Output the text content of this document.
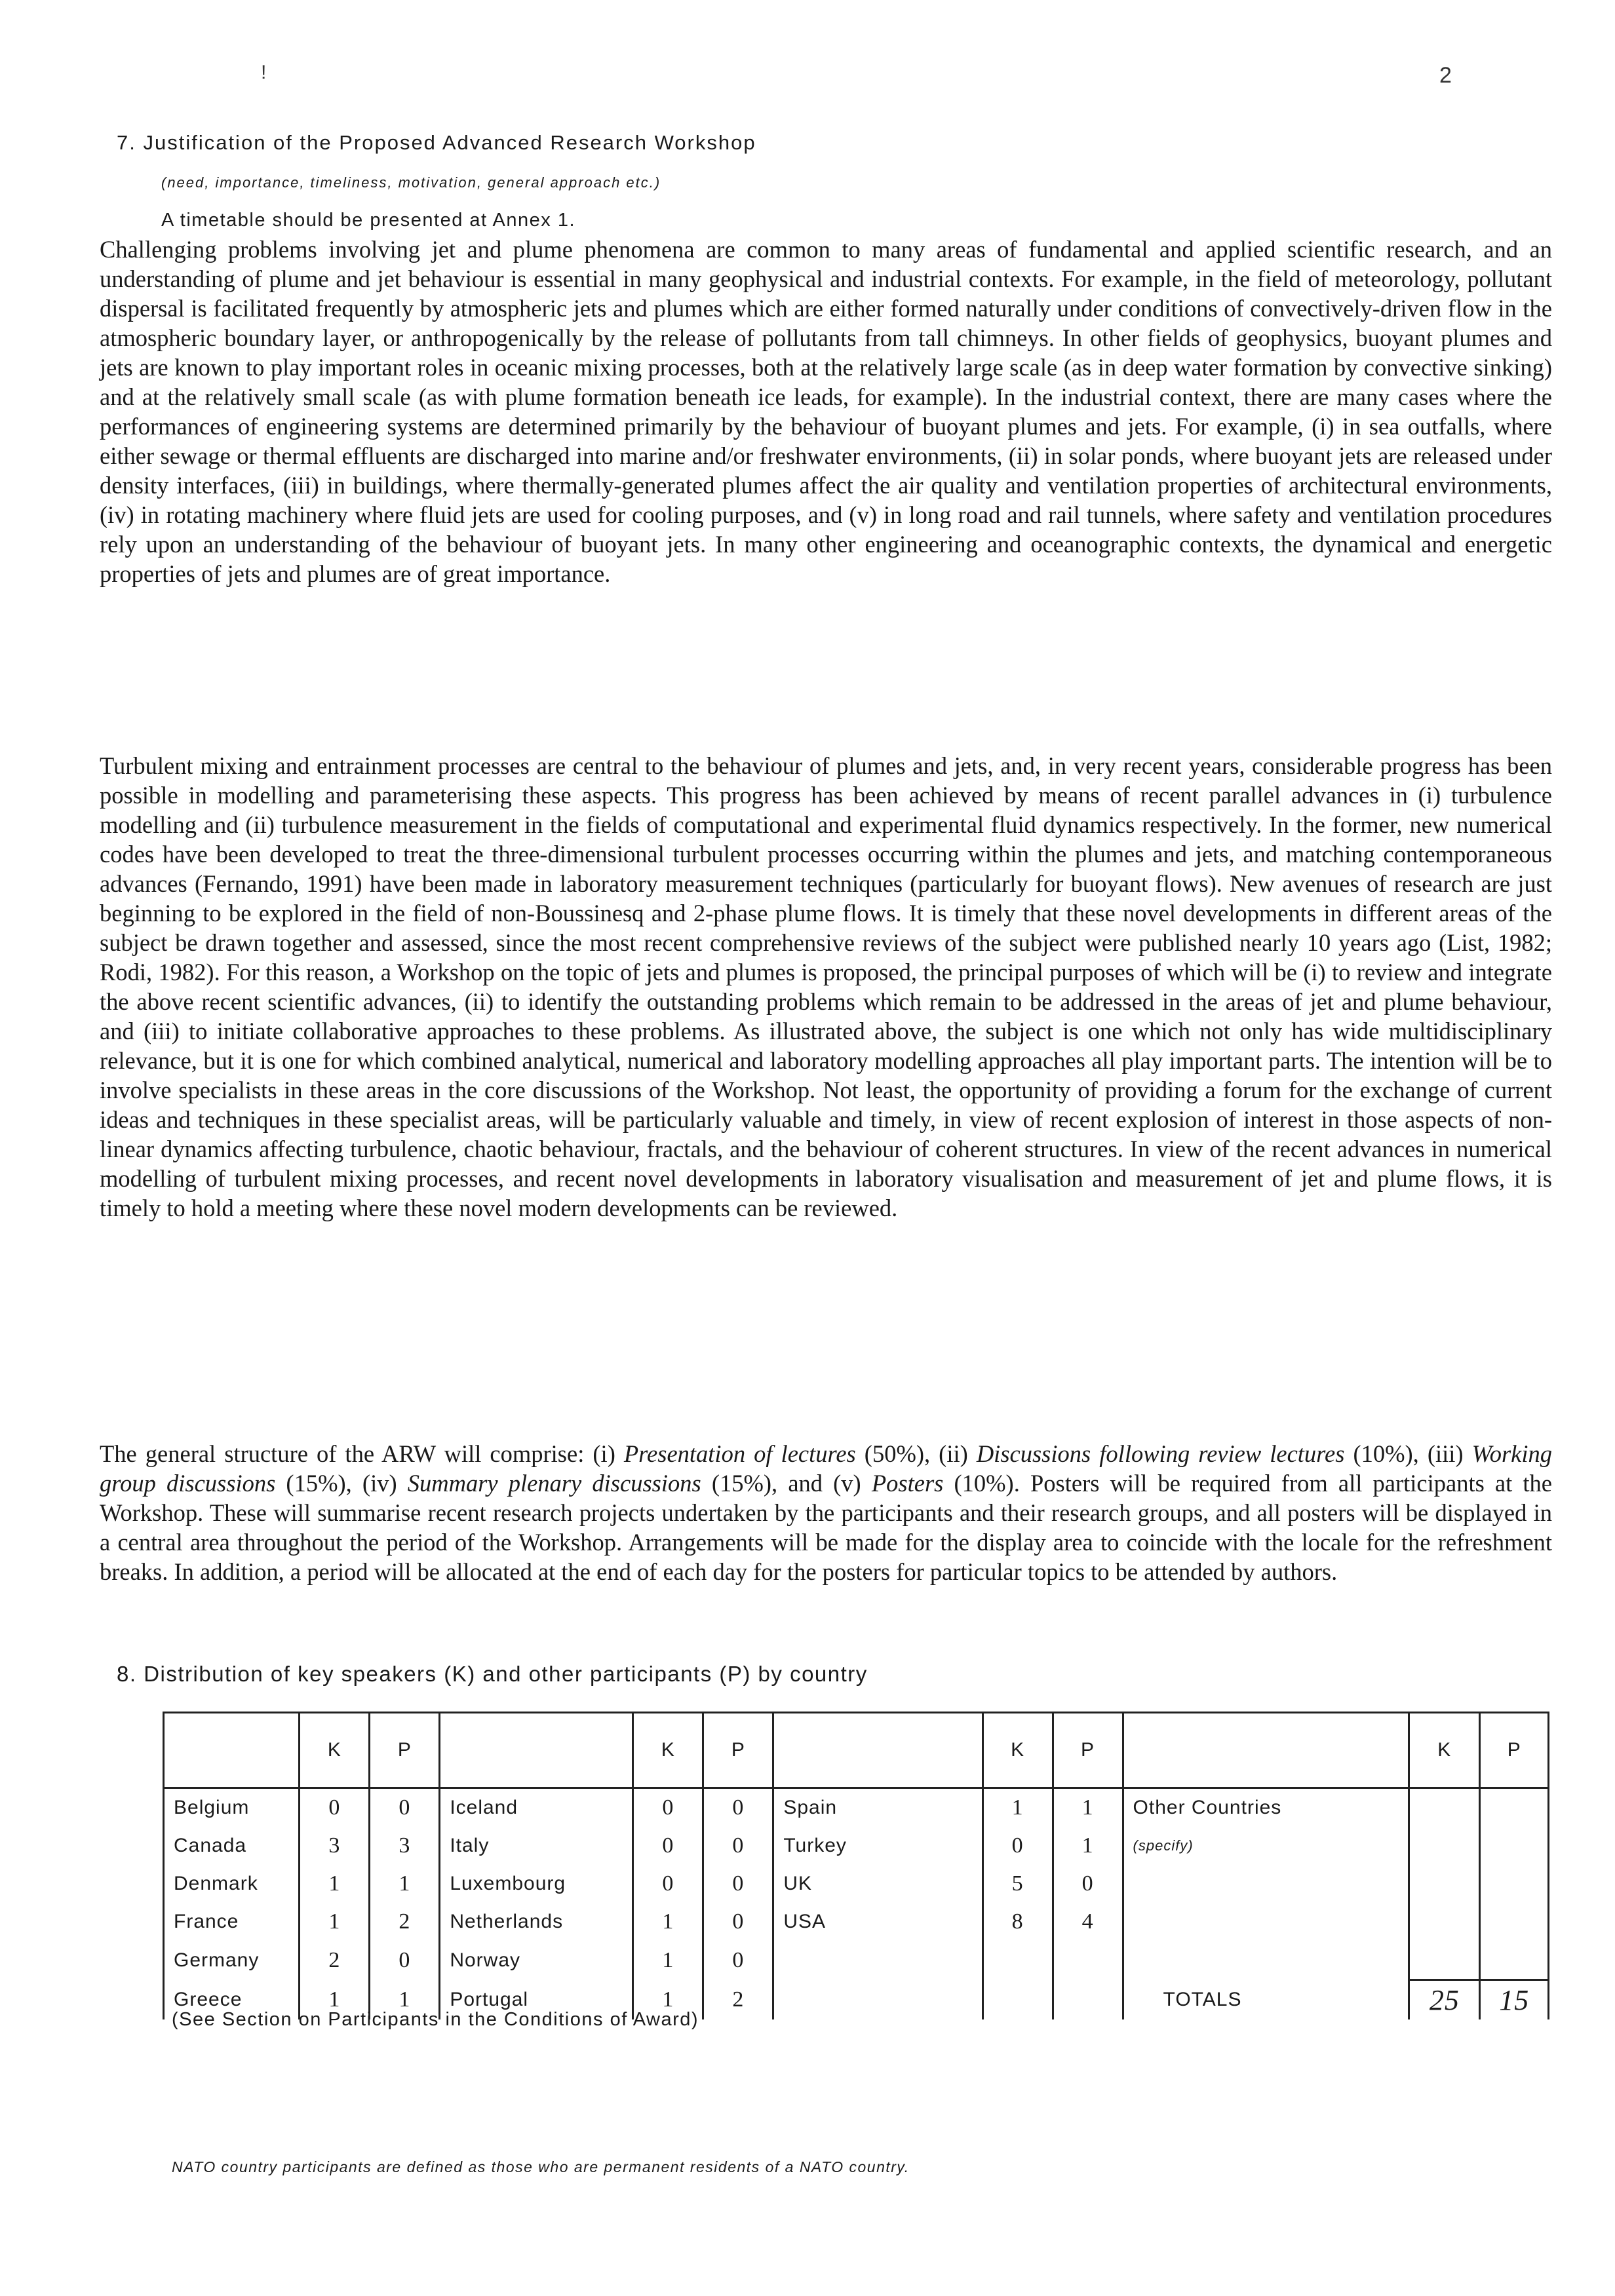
!	2
7. Justification of the Proposed Advanced Research Workshop
(need, importance, timeliness, motivation, general approach etc.)
A timetable should be presented at Annex 1.

Challenging problems involving jet and plume phenomena are common to many areas of fundamental and applied scientific research, and an understanding of plume and jet behaviour is essential in many geophysical and industrial contexts. For example, in the field of meteorology, pollutant dispersal is facilitated frequently by atmospheric jets and plumes which are either formed naturally under conditions of convectively-driven flow in the atmospheric boundary layer, or anthropogenically by the release of pollutants from tall chimneys. In other fields of geophysics, buoyant plumes and jets are known to play important roles in oceanic mixing processes, both at the relatively large scale (as in deep water formation by convective sinking) and at the relatively small scale (as with plume formation beneath ice leads, for example). In the industrial context, there are many cases where the performances of engineering systems are determined primarily by the behaviour of buoyant plumes and jets. For example, (i) in sea outfalls, where either sewage or thermal effluents are discharged into marine and/or freshwater environments, (ii) in solar ponds, where buoyant jets are released under density interfaces, (iii) in buildings, where thermally-generated plumes affect the air quality and ventilation properties of architectural environments, (iv) in rotating machinery where fluid jets are used for cooling purposes, and (v) in long road and rail tunnels, where safety and ventilation procedures rely upon an understanding of the behaviour of buoyant jets. In many other engineering and oceanographic contexts, the dynamical and energetic properties of jets and plumes are of great importance.

Turbulent mixing and entrainment processes are central to the behaviour of plumes and jets, and, in very recent years, considerable progress has been possible in modelling and parameterising these aspects. This progress has been achieved by means of recent parallel advances in (i) turbulence modelling and (ii) turbulence measurement in the fields of computational and experimental fluid dynamics respectively. In the former, new numerical codes have been developed to treat the three-dimensional turbulent processes occurring within the plumes and jets, and matching contemporaneous advances (Fernando, 1991) have been made in laboratory measurement techniques (particularly for buoyant flows). New avenues of research are just beginning to be explored in the field of non-Boussinesq and 2-phase plume flows. It is timely that these novel developments in different areas of the subject be drawn together and assessed, since the most recent comprehensive reviews of the subject were published nearly 10 years ago (List, 1982; Rodi, 1982). For this reason, a Workshop on the topic of jets and plumes is proposed, the principal purposes of which will be (i) to review and integrate the above recent scientific advances, (ii) to identify the outstanding problems which remain to be addressed in the areas of jet and plume behaviour, and (iii) to initiate collaborative approaches to these problems. As illustrated above, the subject is one which not only has wide multidisciplinary relevance, but it is one for which combined analytical, numerical and laboratory modelling approaches all play important parts. The intention will be to involve specialists in these areas in the core discussions of the Workshop. Not least, the opportunity of providing a forum for the exchange of current ideas and techniques in these specialist areas, will be particularly valuable and timely, in view of recent explosion of interest in those aspects of non-linear dynamics affecting turbulence, chaotic behaviour, fractals, and the behaviour of coherent structures. In view of the recent advances in numerical modelling of turbulent mixing processes, and recent novel developments in laboratory visualisation and measurement of jet and plume flows, it is timely to hold a meeting where these novel modern developments can be reviewed.

The general structure of the ARW will comprise: (i) Presentation of lectures (50%), (ii) Discussions following review lectures (10%), (iii) Working group discussions (15%), (iv) Summary plenary discussions (15%), and (v) Posters (10%). Posters will be required from all participants at the Workshop. These will summarise recent research projects undertaken by the participants and their research groups, and all posters will be displayed in a central area throughout the period of the Workshop. Arrangements will be made for the display area to coincide with the locale for the refreshment breaks. In addition, a period will be allocated at the end of each day for the posters for particular topics to be attended by authors.

8. Distribution of key speakers (K) and other participants (P) by country
	K	P		K	P		K	P		K	P
Belgium	0	0	Iceland	0	0	Spain	1	1	Other Countries		
Canada	3	3	Italy	0	0	Turkey	0	1	(specify)		
Denmark	1	1	Luxembourg	0	0	UK	5	0			
France	1	2	Netherlands	1	0	USA	8	4			
Germany	2	0	Norway	1	0						
Greece	1	1	Portugal	1	2				TOTALS	25	15
(See Section on Participants in the Conditions of Award)
NATO country participants are defined as those who are permanent residents of a NATO country.
